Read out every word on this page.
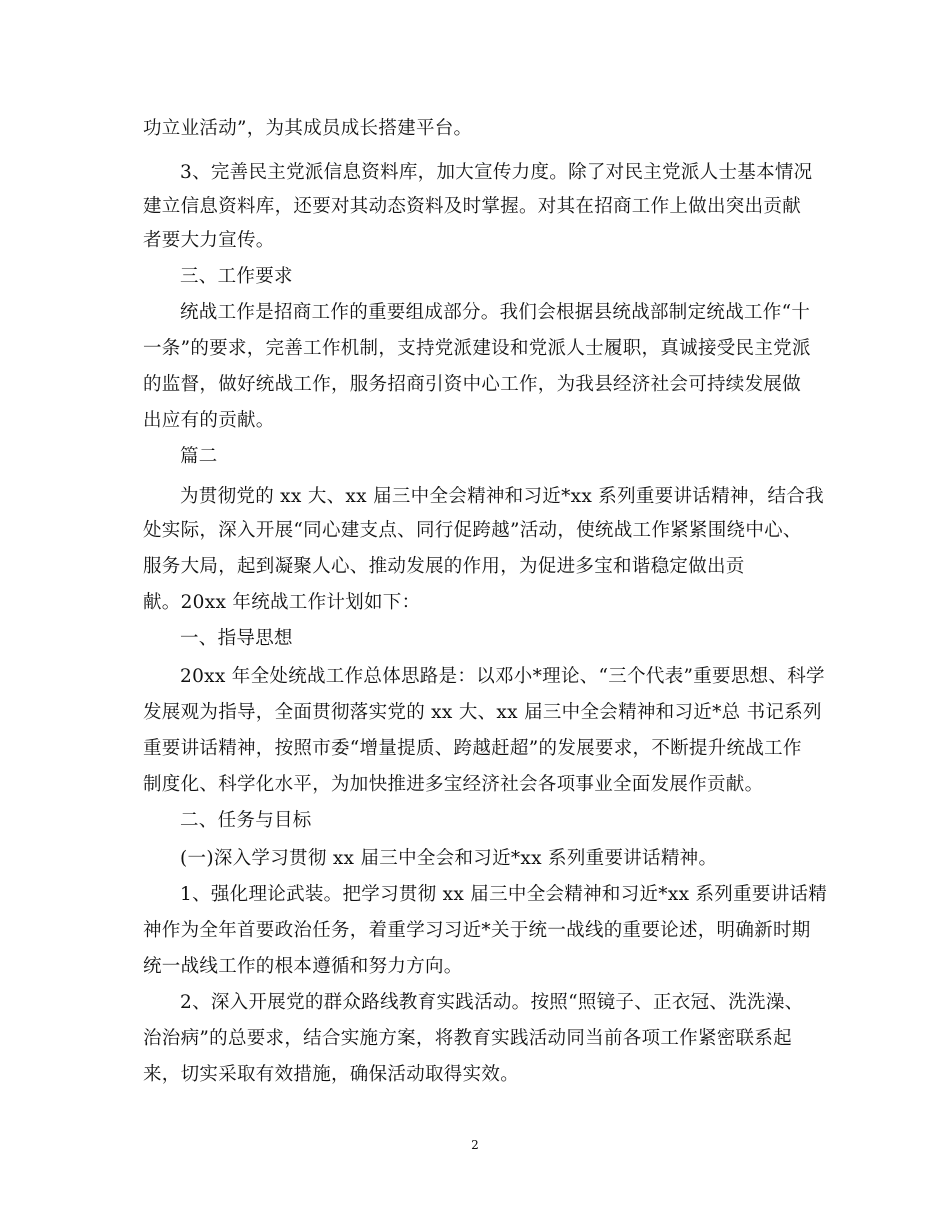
功立业活动”，为其成员成长搭建平台。
3、完善民主党派信息资料库，加大宣传力度。除了对民主党派人士基本情况
建立信息资料库，还要对其动态资料及时掌握。对其在招商工作上做出突出贡献
者要大力宣传。
三、工作要求
统战工作是招商工作的重要组成部分。我们会根据县统战部制定统战工作“十
一条”的要求，完善工作机制，支持党派建设和党派人士履职，真诚接受民主党派
的监督，做好统战工作，服务招商引资中心工作，为我县经济社会可持续发展做
出应有的贡献。
篇二
为贯彻党的 xx 大、xx 届三中全会精神和习近*xx 系列重要讲话精神，结合我
处实际，深入开展“同心建支点、同行促跨越”活动，使统战工作紧紧围绕中心、
服务大局，起到凝聚人心、推动发展的作用，为促进多宝和谐稳定做出贡
献。20xx 年统战工作计划如下：
一、指导思想
20xx 年全处统战工作总体思路是：以邓小*理论、“三个代表”重要思想、科学
发展观为指导，全面贯彻落实党的 xx 大、xx 届三中全会精神和习近*总 书记系列
重要讲话精神，按照市委“增量提质、跨越赶超”的发展要求，不断提升统战工作
制度化、科学化水平，为加快推进多宝经济社会各项事业全面发展作贡献。
二、任务与目标
(一)深入学习贯彻 xx 届三中全会和习近*xx 系列重要讲话精神。
1、强化理论武装。把学习贯彻 xx 届三中全会精神和习近*xx 系列重要讲话精
神作为全年首要政治任务，着重学习习近*关于统一战线的重要论述，明确新时期
统一战线工作的根本遵循和努力方向。
2、深入开展党的群众路线教育实践活动。按照“照镜子、正衣冠、洗洗澡、
治治病”的总要求，结合实施方案，将教育实践活动同当前各项工作紧密联系起
来，切实采取有效措施，确保活动取得实效。
2
